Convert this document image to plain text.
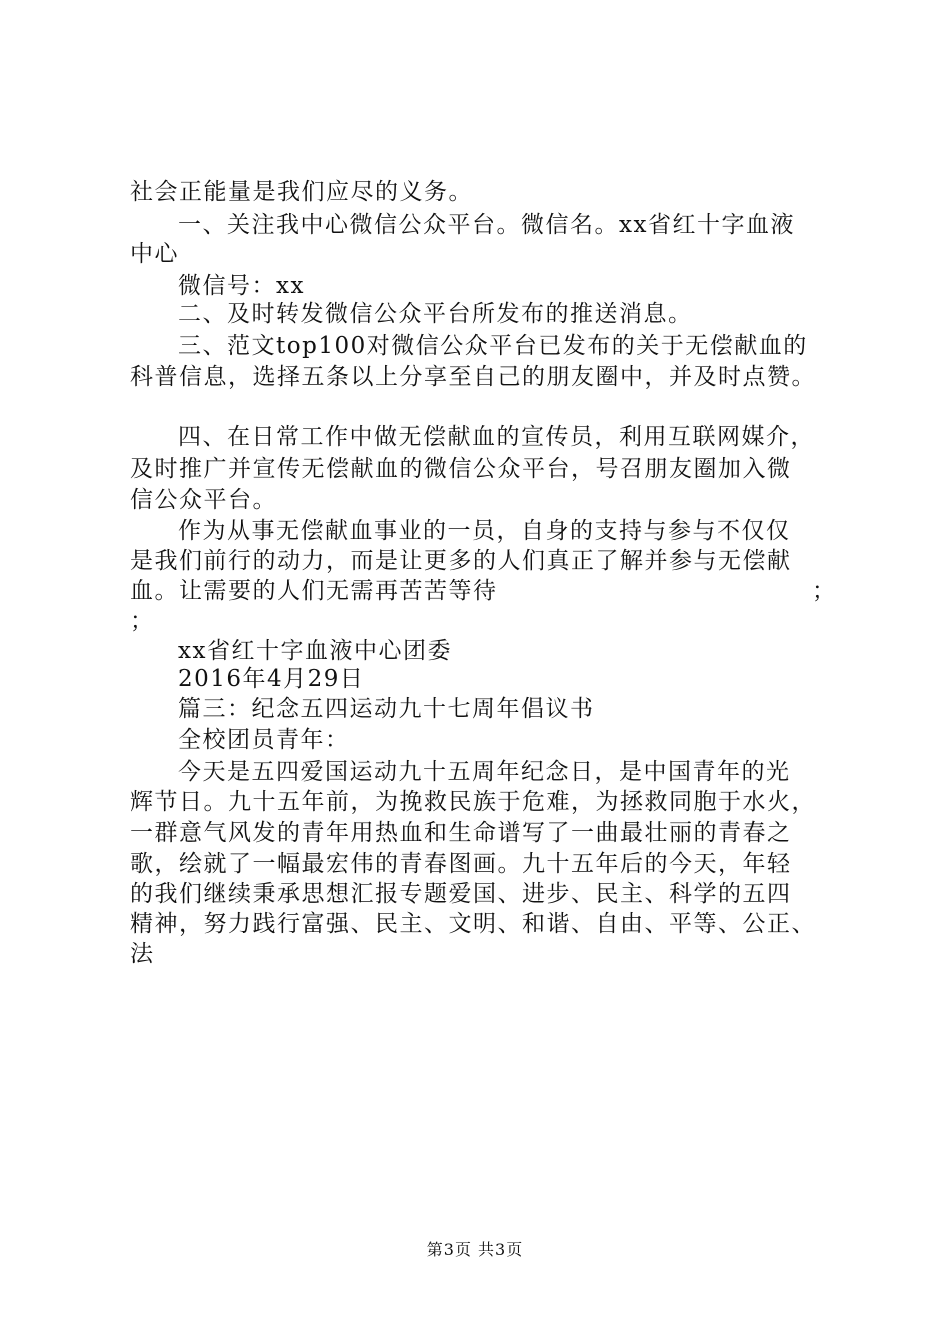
社会正能量是我们应尽的义务。
一、关注我中心微信公众平台。微信名。xx省红十字血液
中心
微信号：xx
二、及时转发微信公众平台所发布的推送消息。
三、范文top100对微信公众平台已发布的关于无偿献血的
科普信息，选择五条以上分享至自己的朋友圈中，并及时点赞。
四、在日常工作中做无偿献血的宣传员，利用互联网媒介，
及时推广并宣传无偿献血的微信公众平台，号召朋友圈加入微
信公众平台。
作为从事无偿献血事业的一员，自身的支持与参与不仅仅
是我们前行的动力，而是让更多的人们真正了解并参与无偿献
血。让需要的人们无需再苦苦等待	；
；
xx省红十字血液中心团委
2016年4月29日
篇三：纪念五四运动九十七周年倡议书
全校团员青年：
今天是五四爱国运动九十五周年纪念日，是中国青年的光
辉节日。九十五年前，为挽救民族于危难，为拯救同胞于水火，
一群意气风发的青年用热血和生命谱写了一曲最壮丽的青春之
歌，绘就了一幅最宏伟的青春图画。九十五年后的今天，年轻
的我们继续秉承思想汇报专题爱国、进步、民主、科学的五四
精神，努力践行富强、民主、文明、和谐、自由、平等、公正、
法
第3页 共3页
